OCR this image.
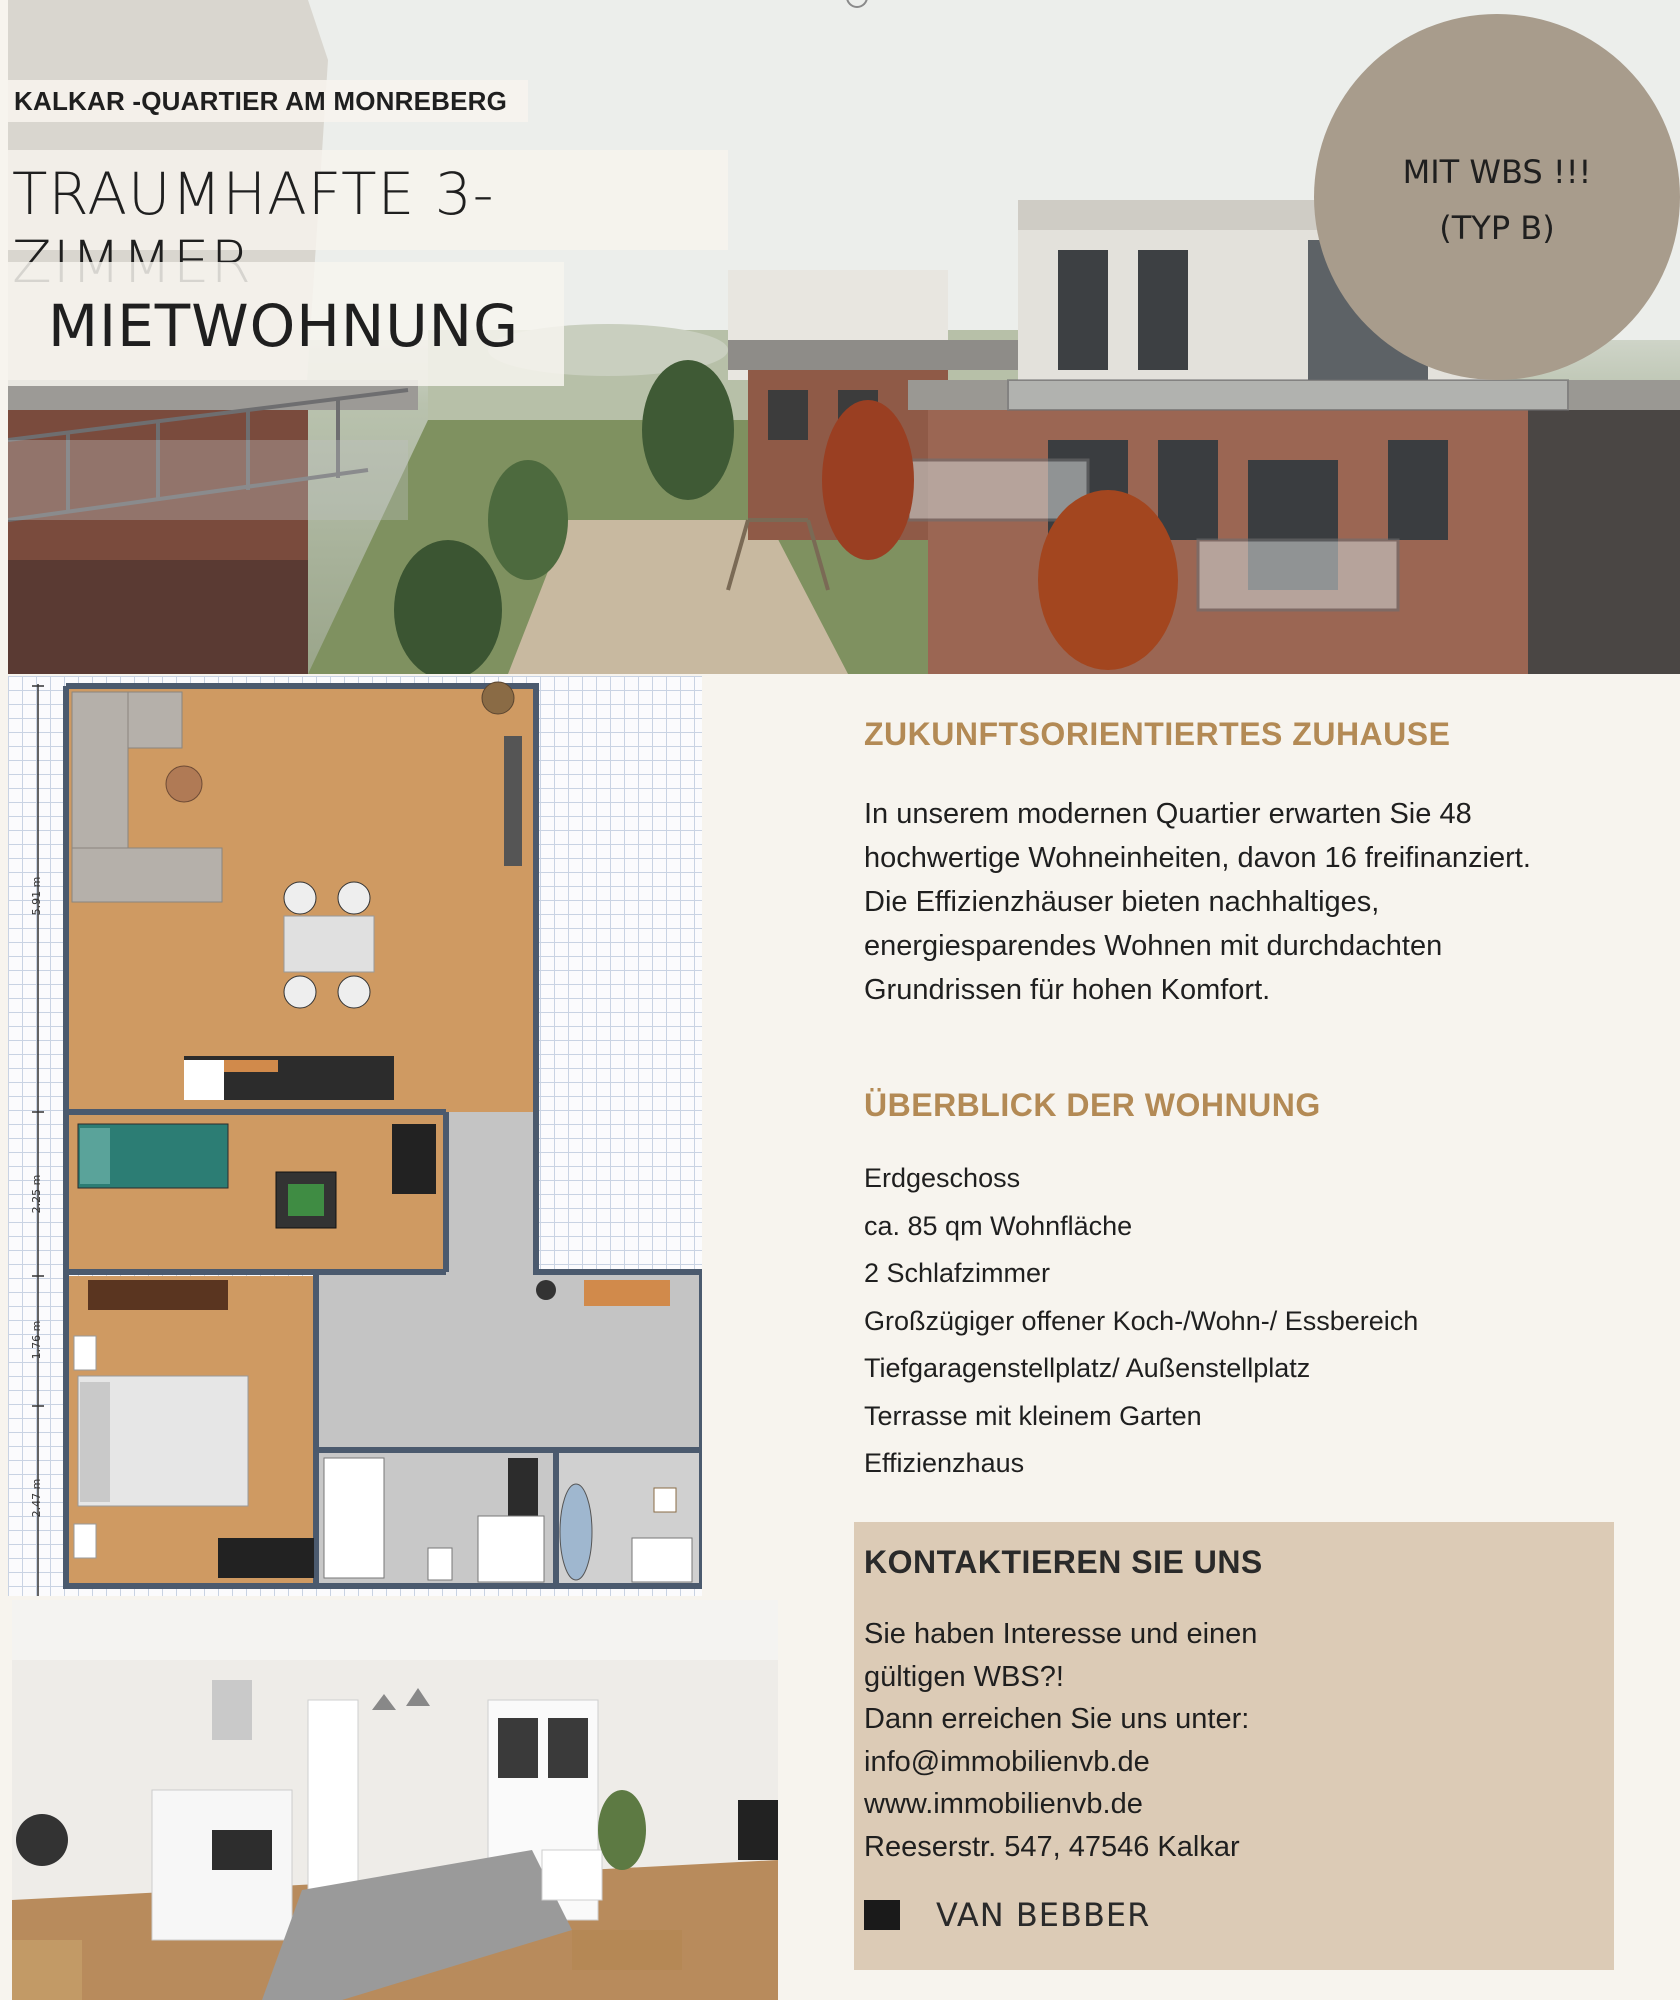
KALKAR -QUARTIER AM MONREBERG
TRAUMHAFTE 3-
MIETWOHNUNG
MIT WBS !!!
(TYP B)
5.91 m
2.25 m
1.76 m
2.47 m
ZUKUNFTSORIENTIERTES ZUHAUSE
In unserem modernen Quartier erwarten Sie 48
hochwertige Wohneinheiten, davon 16 freifinanziert.
Die Effizienzhäuser bieten nachhaltiges,
energiesparendes Wohnen mit durchdachten
Grundrissen für hohen Komfort.
ÜBERBLICK DER WOHNUNG
Erdgeschoss
ca. 85 qm Wohnfläche
2 Schlafzimmer
Großzügiger offener Koch-/Wohn-/ Essbereich
Tiefgaragenstellplatz/ Außenstellplatz
Terrasse mit kleinem Garten
Effizienzhaus
KONTAKTIEREN SIE UNS
Sie haben Interesse und einen
gültigen WBS?!
Dann erreichen Sie uns unter:
info@immobilienvb.de
www.immobilienvb.de
Reeserstr. 547, 47546 Kalkar
VAN BEBBER
